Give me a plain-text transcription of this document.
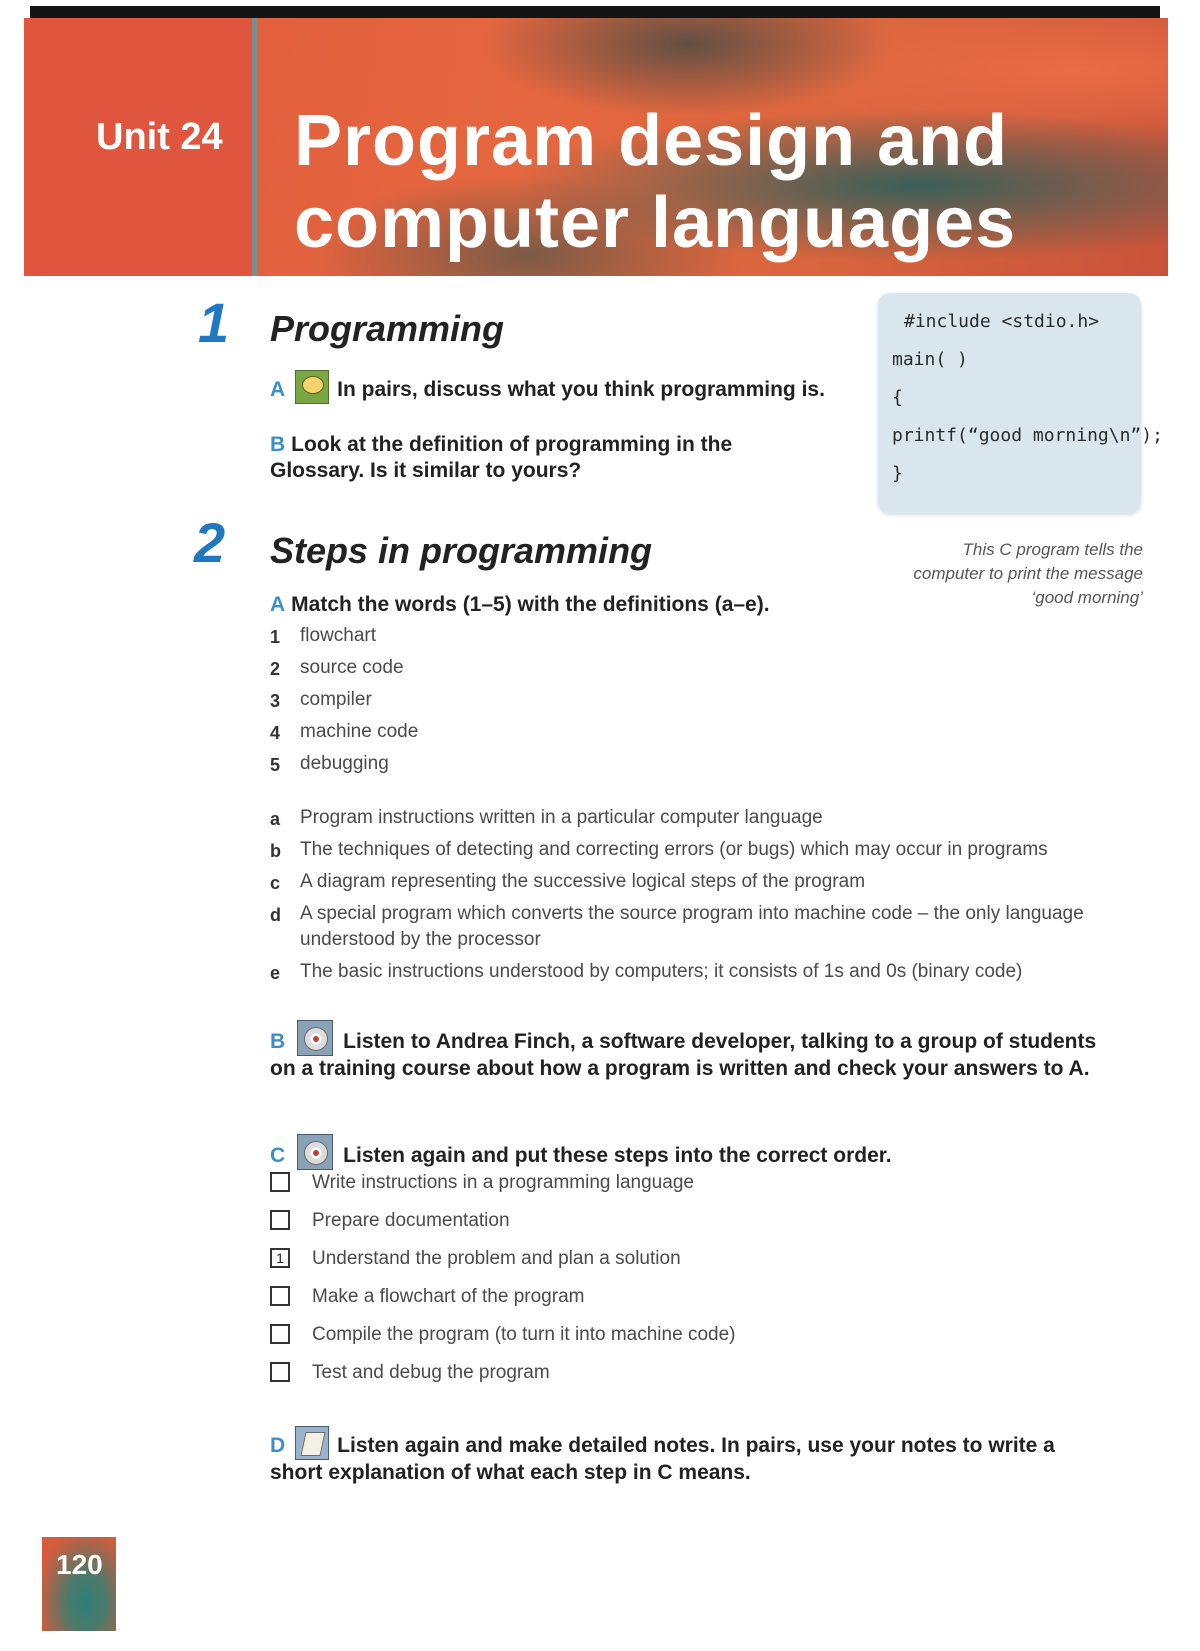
Unit 24 Program design and
computer languages
1 Programming
A In pairs, discuss what you think programming is.
B Look at the definition of programming in the Glossary. Is it similar to yours?
#include <stdio.h>
main( )
{
printf(“good morning\n”);
}
This C program tells the computer to print the message ‘good morning’
2 Steps in programming
A Match the words (1–5) with the definitions (a–e).
1 flowchart
2 source code
3 compiler
4 machine code
5 debugging
a Program instructions written in a particular computer language
b The techniques of detecting and correcting errors (or bugs) which may occur in programs
c A diagram representing the successive logical steps of the program
d A special program which converts the source program into machine code – the only language understood by the processor
e The basic instructions understood by computers; it consists of 1s and 0s (binary code)
B	Listen to Andrea Finch, a software developer, talking to a group of students on a training course about how a program is written and check your answers to A.
C	Listen again and put these steps into the correct order.
Write instructions in a programming language
Prepare documentation
1	Understand the problem and plan a solution
Make a flowchart of the program
Compile the program (to turn it into machine code)
Test and debug the program
D Listen again and make detailed notes. In pairs, use your notes to write a short explanation of what each step in C means.
120
